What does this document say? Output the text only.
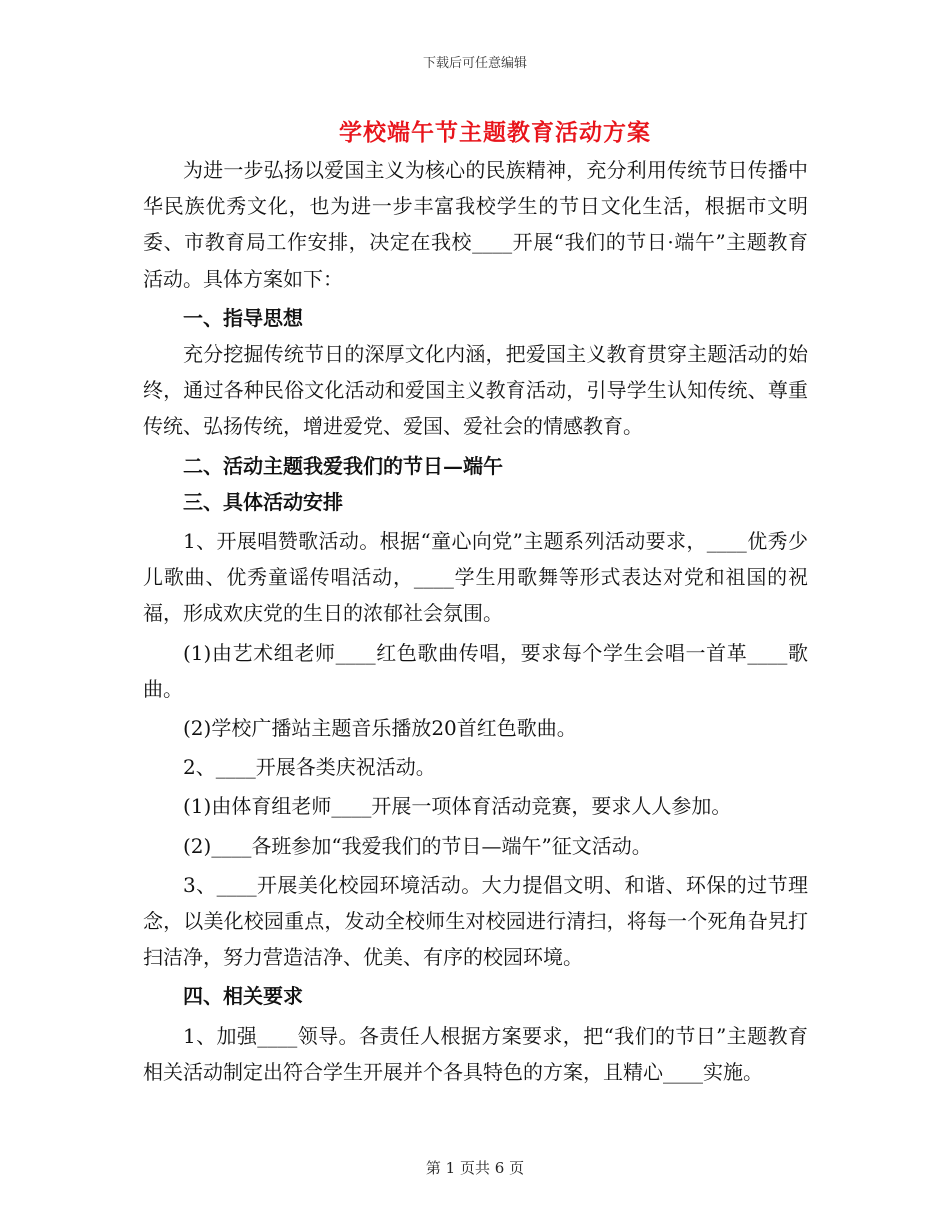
下载后可任意编辑
学校端午节主题教育活动方案

为进一步弘扬以爱国主义为核心的民族精神，充分利用传统节日传播中华民族优秀文化，也为进一步丰富我校学生的节日文化生活，根据市文明委、市教育局工作安排，决定在我校____开展“我们的节日·端午”主题教育活动。具体方案如下：

一、指导思想

充分挖掘传统节日的深厚文化内涵，把爱国主义教育贯穿主题活动的始终，通过各种民俗文化活动和爱国主义教育活动，引导学生认知传统、尊重传统、弘扬传统，增进爱党、爱国、爱社会的情感教育。

二、活动主题我爱我们的节日—端午

三、具体活动安排

1、开展唱赞歌活动。根据“童心向党”主题系列活动要求，____优秀少儿歌曲、优秀童谣传唱活动，____学生用歌舞等形式表达对党和祖国的祝福，形成欢庆党的生日的浓郁社会氛围。

(1)由艺术组老师____红色歌曲传唱，要求每个学生会唱一首革____歌曲。

(2)学校广播站主题音乐播放20首红色歌曲。

2、____开展各类庆祝活动。

(1)由体育组老师____开展一项体育活动竞赛，要求人人参加。

(2)____各班参加“我爱我们的节日—端午”征文活动。

3、____开展美化校园环境活动。大力提倡文明、和谐、环保的过节理念，以美化校园重点，发动全校师生对校园进行清扫，将每一个死角旮旯打扫洁净，努力营造洁净、优美、有序的校园环境。

四、相关要求

1、加强____领导。各责任人根据方案要求，把“我们的节日”主题教育相关活动制定出符合学生开展并个各具特色的方案，且精心____实施。

第 1 页共 6 页
